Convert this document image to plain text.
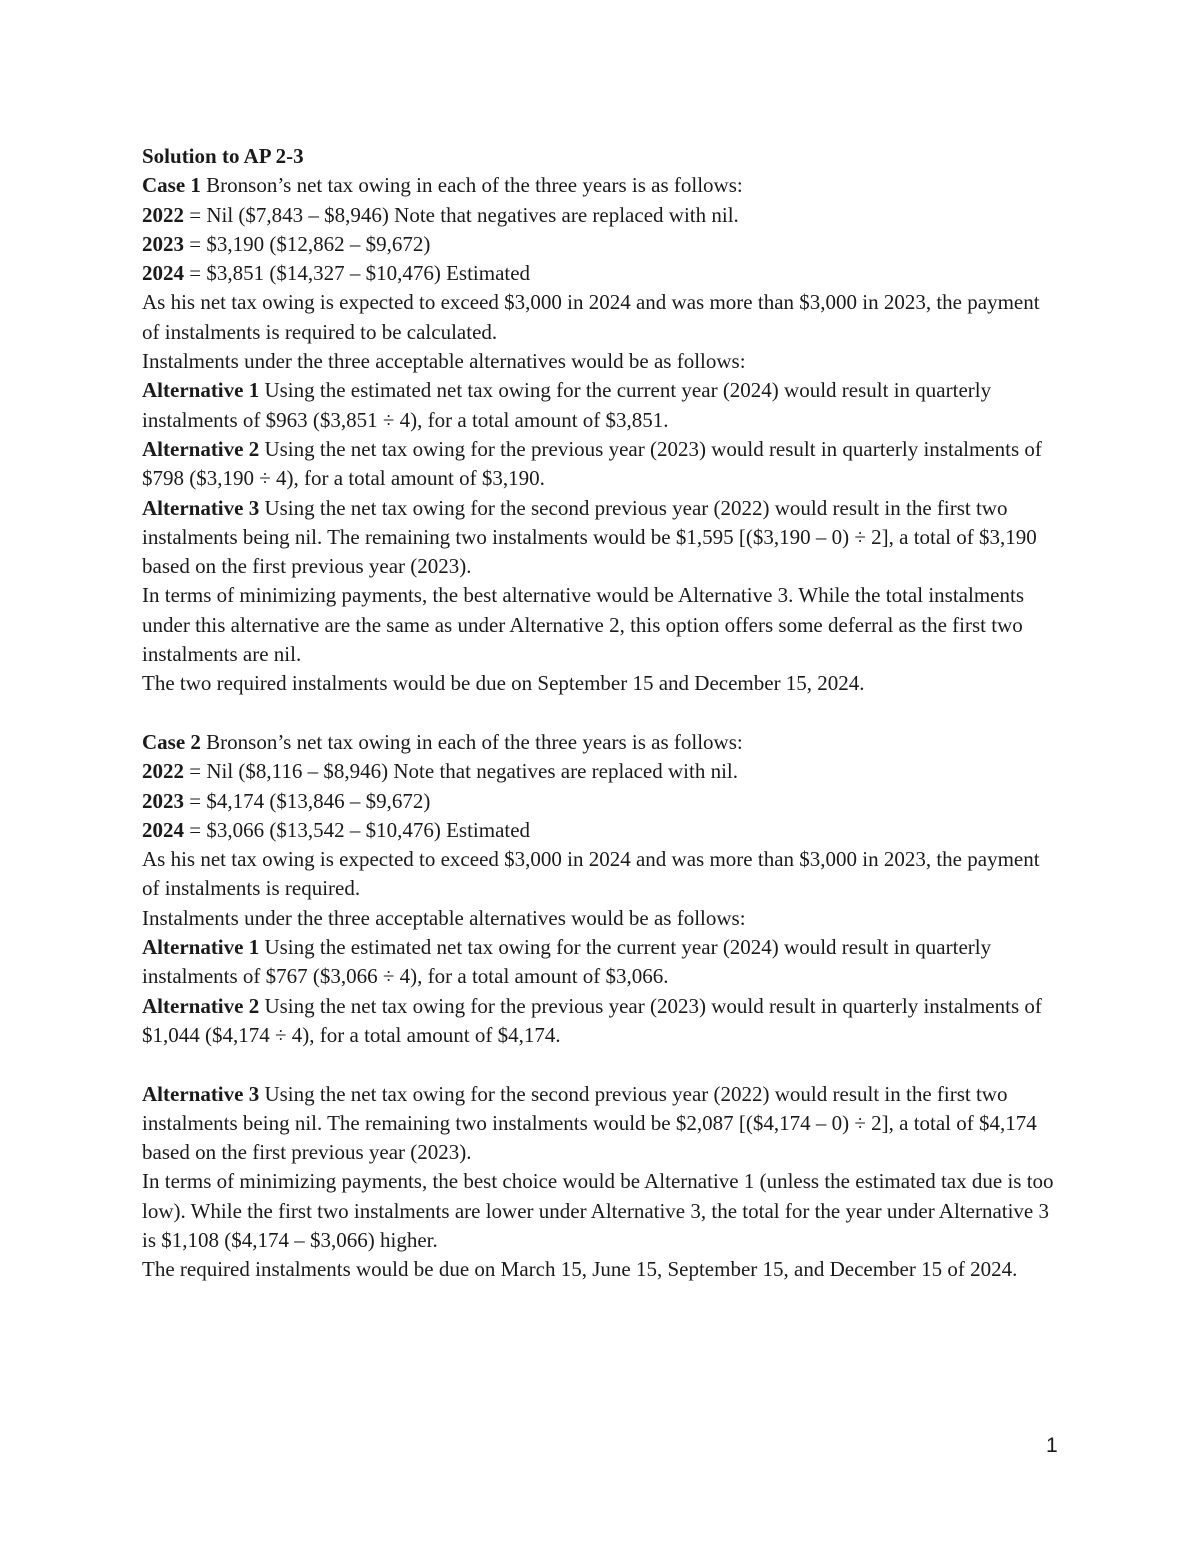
Solution to AP 2-3

Case 1 Bronson’s net tax owing in each of the three years is as follows:

2022 = Nil ($7,843 – $8,946) Note that negatives are replaced with nil.

2023 = $3,190 ($12,862 – $9,672)

2024 = $3,851 ($14,327 – $10,476) Estimated

As his net tax owing is expected to exceed $3,000 in 2024 and was more than $3,000 in 2023, the payment of instalments is required to be calculated.

Instalments under the three acceptable alternatives would be as follows:

Alternative 1 Using the estimated net tax owing for the current year (2024) would result in quarterly instalments of $963 ($3,851 ÷ 4), for a total amount of $3,851.

Alternative 2 Using the net tax owing for the previous year (2023) would result in quarterly instalments of $798 ($3,190 ÷ 4), for a total amount of $3,190.

Alternative 3 Using the net tax owing for the second previous year (2022) would result in the first two instalments being nil. The remaining two instalments would be $1,595 [($3,190 – 0) ÷ 2], a total of $3,190 based on the first previous year (2023).

In terms of minimizing payments, the best alternative would be Alternative 3. While the total instalments under this alternative are the same as under Alternative 2, this option offers some deferral as the first two instalments are nil.

The two required instalments would be due on September 15 and December 15, 2024.

Case 2 Bronson’s net tax owing in each of the three years is as follows:

2022 = Nil ($8,116 – $8,946) Note that negatives are replaced with nil.

2023 = $4,174 ($13,846 – $9,672)

2024 = $3,066 ($13,542 – $10,476) Estimated

As his net tax owing is expected to exceed $3,000 in 2024 and was more than $3,000 in 2023, the payment of instalments is required.

Instalments under the three acceptable alternatives would be as follows:

Alternative 1 Using the estimated net tax owing for the current year (2024) would result in quarterly instalments of $767 ($3,066 ÷ 4), for a total amount of $3,066.

Alternative 2 Using the net tax owing for the previous year (2023) would result in quarterly instalments of $1,044 ($4,174 ÷ 4), for a total amount of $4,174.

Alternative 3 Using the net tax owing for the second previous year (2022) would result in the first two instalments being nil. The remaining two instalments would be $2,087 [($4,174 – 0) ÷ 2], a total of $4,174 based on the first previous year (2023).

In terms of minimizing payments, the best choice would be Alternative 1 (unless the estimated tax due is too low). While the first two instalments are lower under Alternative 3, the total for the year under Alternative 3 is $1,108 ($4,174 – $3,066) higher.

The required instalments would be due on March 15, June 15, September 15, and December 15 of 2024.

1
